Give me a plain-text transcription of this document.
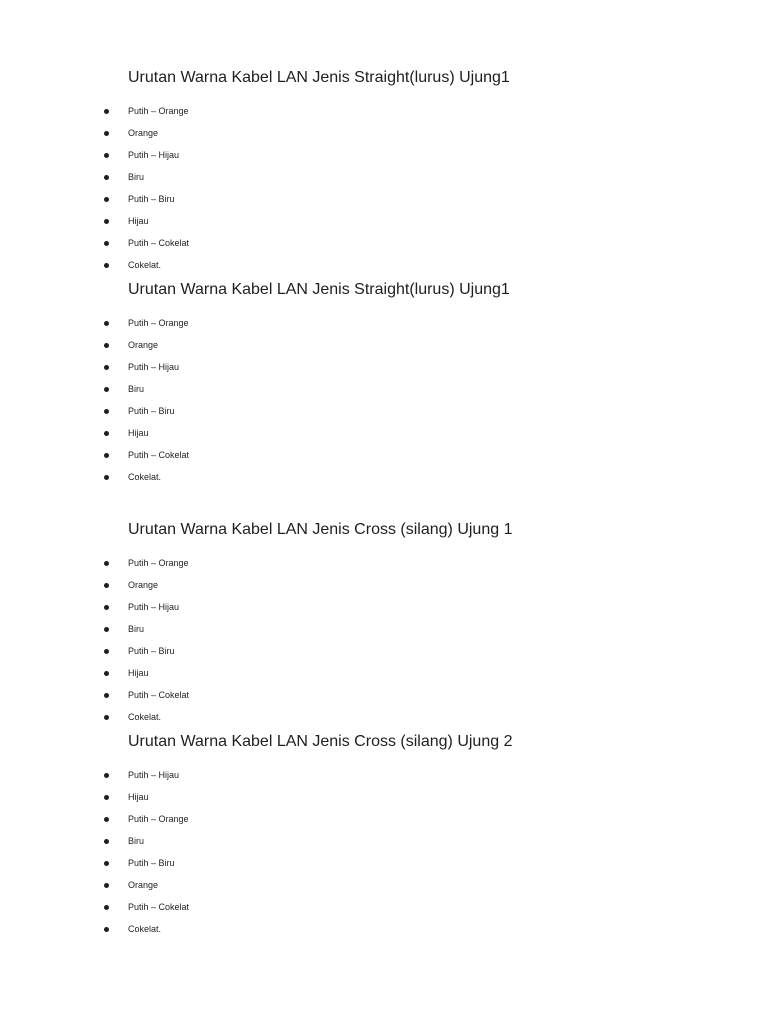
Urutan Warna Kabel LAN Jenis Straight(lurus) Ujung1
Putih – Orange
Orange
Putih – Hijau
Biru
Putih – Biru
Hijau
Putih – Cokelat
Cokelat.
Urutan Warna Kabel LAN Jenis Straight(lurus) Ujung1
Putih – Orange
Orange
Putih – Hijau
Biru
Putih – Biru
Hijau
Putih – Cokelat
Cokelat.
Urutan Warna Kabel LAN Jenis Cross (silang) Ujung 1
Putih – Orange
Orange
Putih – Hijau
Biru
Putih – Biru
Hijau
Putih – Cokelat
Cokelat.
Urutan Warna Kabel LAN Jenis Cross (silang) Ujung 2
Putih – Hijau
Hijau
Putih – Orange
Biru
Putih – Biru
Orange
Putih – Cokelat
Cokelat.
